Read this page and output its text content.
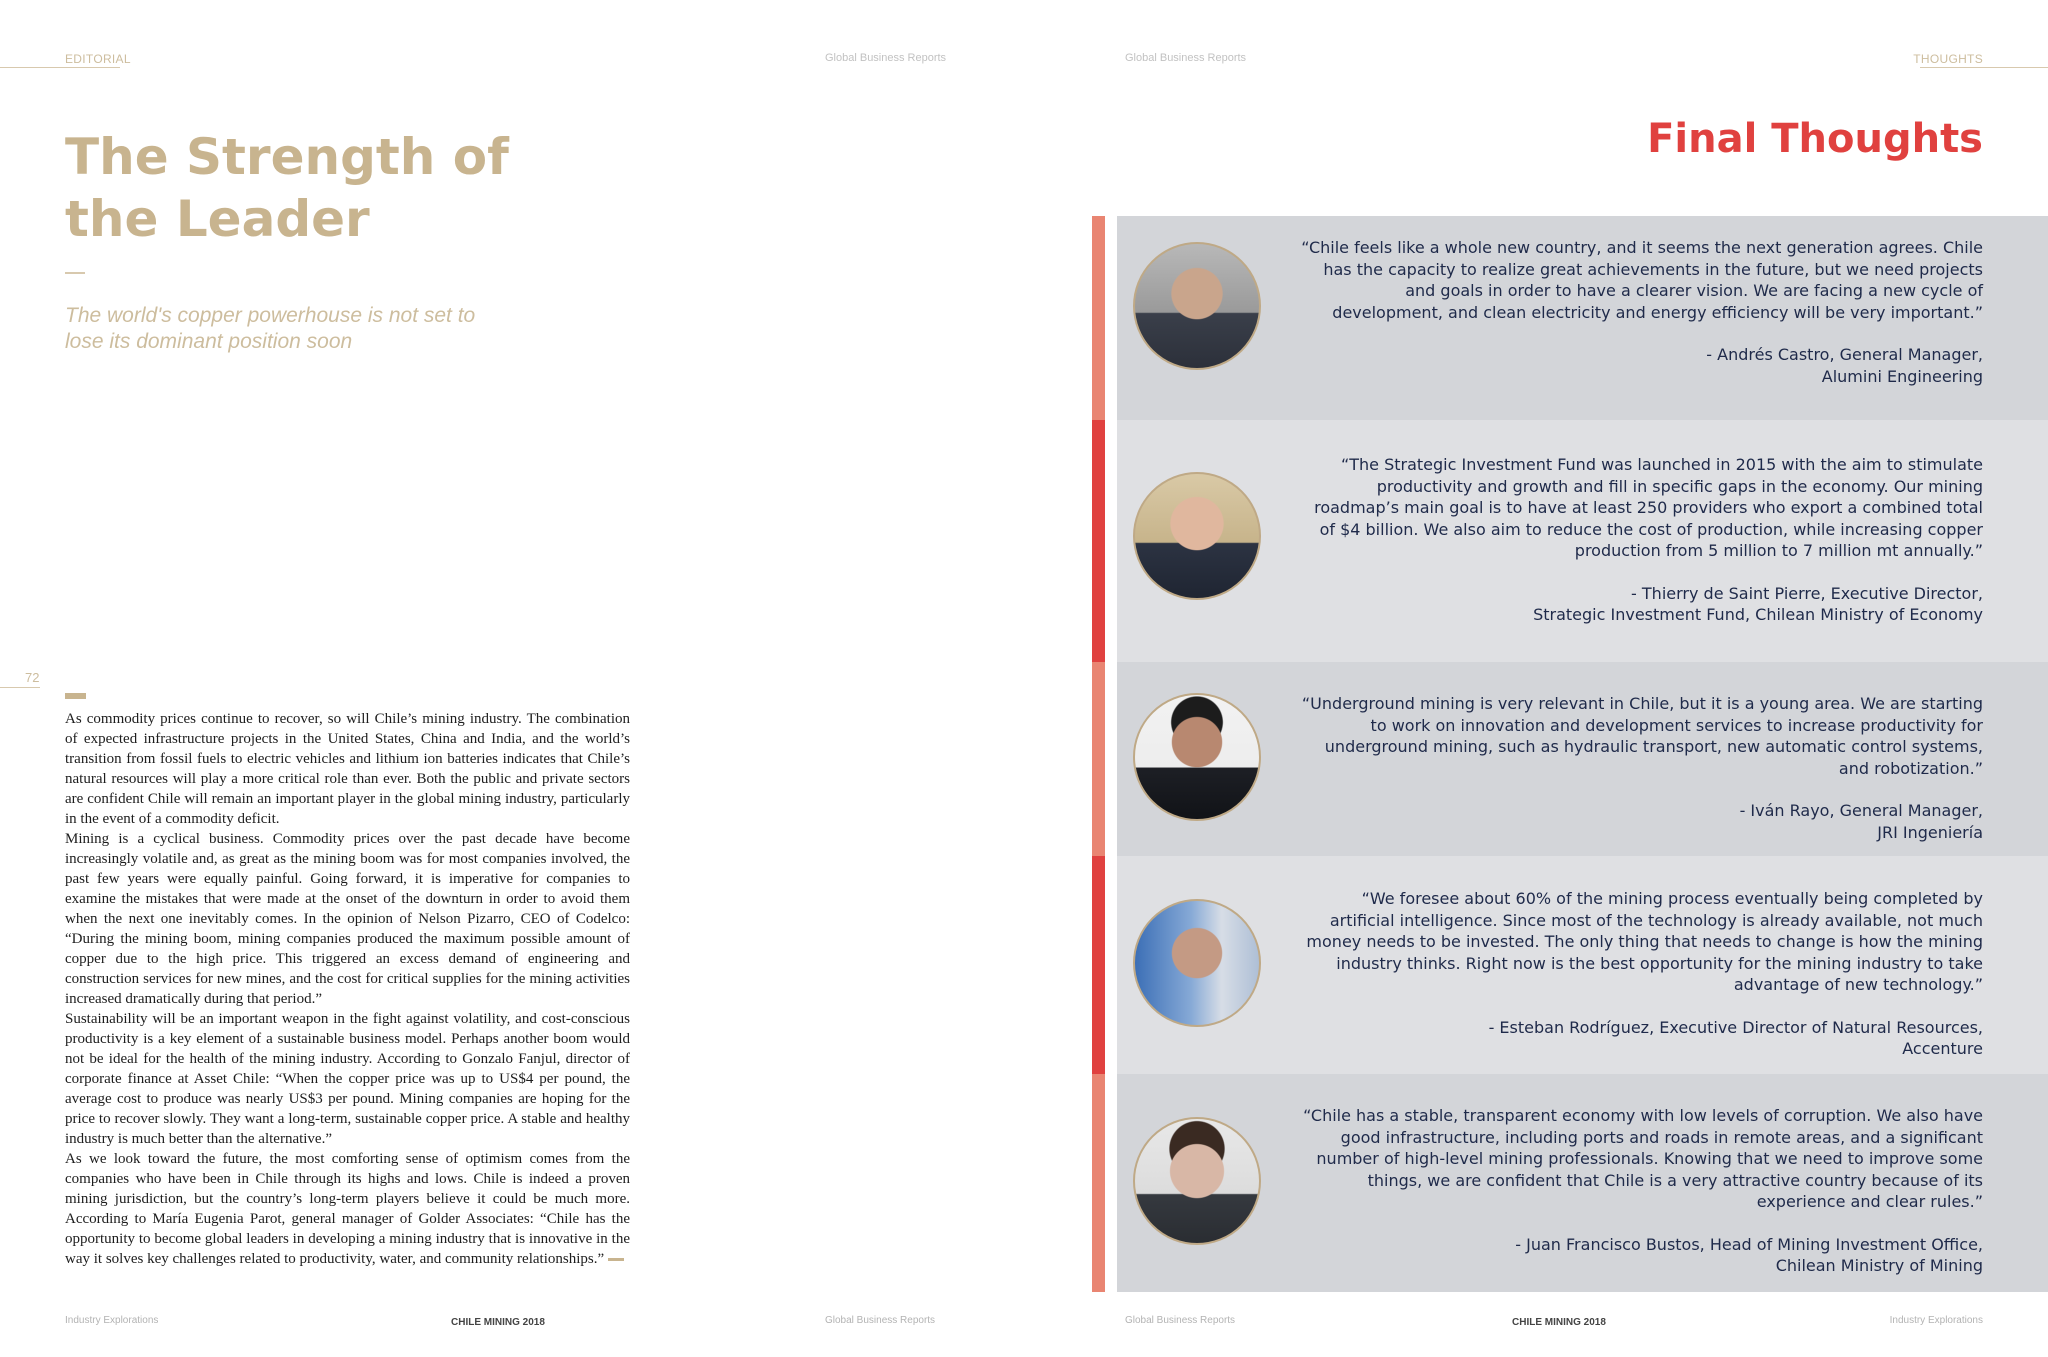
EDITORIAL	Global Business Reports
The Strength of
the Leader
The world's copper powerhouse is not set to lose its dominant position soon
72

As commodity prices continue to recover, so will Chile’s mining industry. The combination of expected infrastructure projects in the United States, China and India, and the world’s transition from fossil fuels to electric vehicles and lithium ion batteries indicates that Chile’s natural resources will play a more critical role than ever. Both the public and private sectors are confident Chile will remain an important player in the global mining industry, particularly in the event of a commodity deficit.

Mining is a cyclical business. Commodity prices over the past decade have become increasingly volatile and, as great as the mining boom was for most companies involved, the past few years were equally painful. Going forward, it is imperative for companies to examine the mistakes that were made at the onset of the downturn in order to avoid them when the next one inevitably comes. In the opinion of Nelson Pizarro, CEO of Codelco: “During the mining boom, mining companies produced the maximum possible amount of copper due to the high price. This triggered an excess demand of engineering and construction services for new mines, and the cost for critical supplies for the mining activities increased dramatically during that period.”

Sustainability will be an important weapon in the fight against volatility, and cost-conscious productivity is a key element of a sustainable business model. Perhaps another boom would not be ideal for the health of the mining industry. According to Gonzalo Fanjul, director of corporate finance at Asset Chile: “When the copper price was up to US$4 per pound, the average cost to produce was nearly US$3 per pound. Mining companies are hoping for the price to recover slowly. They want a long-term, sustainable copper price. A stable and healthy industry is much better than the alternative.”

As we look toward the future, the most comforting sense of optimism comes from the companies who have been in Chile through its highs and lows. Chile is indeed a proven mining jurisdiction, but the country’s long-term players believe it could be much more. According to María Eugenia Parot, general manager of Golder Associates: “Chile has the opportunity to become global leaders in developing a mining industry that is innovative in the way it solves key challenges related to productivity, water, and community relationships.”

Industry Explorations	CHILE MINING 2018	Global Business Reports
Global Business Reports	THOUGHTS
Final Thoughts

“Chile feels like a whole new country, and it seems the next generation agrees. Chile has the capacity to realize great achievements in the future, but we need projects and goals in order to have a clearer vision. We are facing a new cycle of development, and clean electricity and energy efficiency will be very important.”

- Andrés Castro, General Manager,

Alumini Engineering

“The Strategic Investment Fund was launched in 2015 with the aim to stimulate productivity and growth and fill in specific gaps in the economy. Our mining roadmap’s main goal is to have at least 250 providers who export a combined total of $4 billion. We also aim to reduce the cost of production, while increasing copper production from 5 million to 7 million mt annually.”

- Thierry de Saint Pierre, Executive Director,

Strategic Investment Fund, Chilean Ministry of Economy

“Underground mining is very relevant in Chile, but it is a young area. We are starting to work on innovation and development services to increase productivity for underground mining, such as hydraulic transport, new automatic control systems, and robotization.”

- Iván Rayo, General Manager,

JRI Ingeniería

“We foresee about 60% of the mining process eventually being completed by artificial intelligence. Since most of the technology is already available, not much money needs to be invested. The only thing that needs to change is how the mining industry thinks. Right now is the best opportunity for the mining industry to take advantage of new technology.”

- Esteban Rodríguez, Executive Director of Natural Resources,

Accenture

“Chile has a stable, transparent economy with low levels of corruption. We also have good infrastructure, including ports and roads in remote areas, and a significant number of high-level mining professionals. Knowing that we need to improve some things, we are confident that Chile is a very attractive country because of its experience and clear rules.”

- Juan Francisco Bustos, Head of Mining Investment Office,

Chilean Ministry of Mining

Global Business Reports	CHILE MINING 2018	Industry Explorations
